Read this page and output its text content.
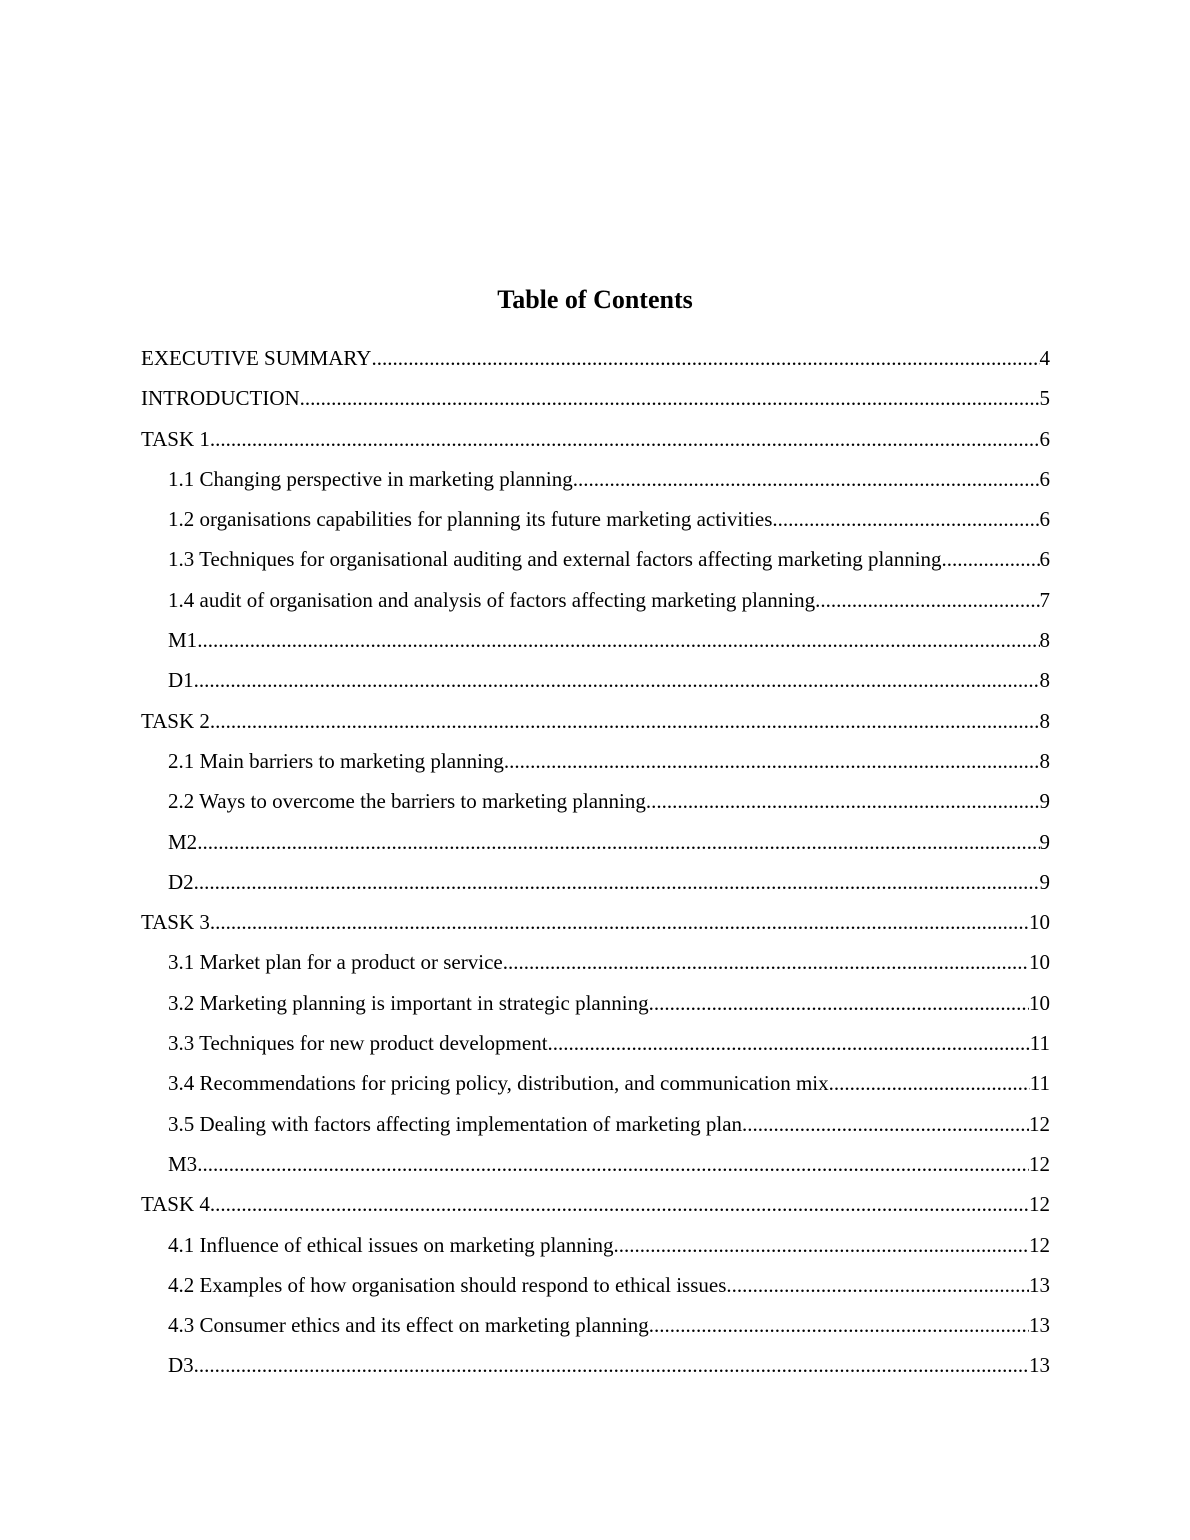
Table of Contents
EXECUTIVE SUMMARY .....	4
INTRODUCTION .....	5
TASK 1 .....	6
1.1 Changing perspective in marketing planning .....	6
1.2 organisations capabilities for planning its future marketing activities .....	6
1.3 Techniques for organisational auditing and external factors affecting marketing planning. .....	6
1.4 audit of organisation and analysis of factors affecting marketing planning .....	7
M1 .....	8
D1 .....	8
TASK 2 .....	8
2.1 Main barriers to marketing planning .....	8
2.2 Ways to overcome the barriers to marketing planning .....	9
M2 .....	9
D2 .....	9
TASK 3 .....	10
3.1 Market plan for a product or service .....	10
3.2 Marketing planning is important in strategic planning .....	10
3.3 Techniques for new product development .....	11
3.4 Recommendations for pricing policy, distribution, and communication mix .....	11
3.5 Dealing with factors affecting implementation of marketing plan .....	12
M3 .....	12
TASK 4 .....	12
4.1 Influence of ethical issues on marketing planning .....	12
4.2 Examples of how organisation should respond to ethical issues .....	13
4.3 Consumer ethics and its effect on marketing planning .....	13
D3 .....	13
